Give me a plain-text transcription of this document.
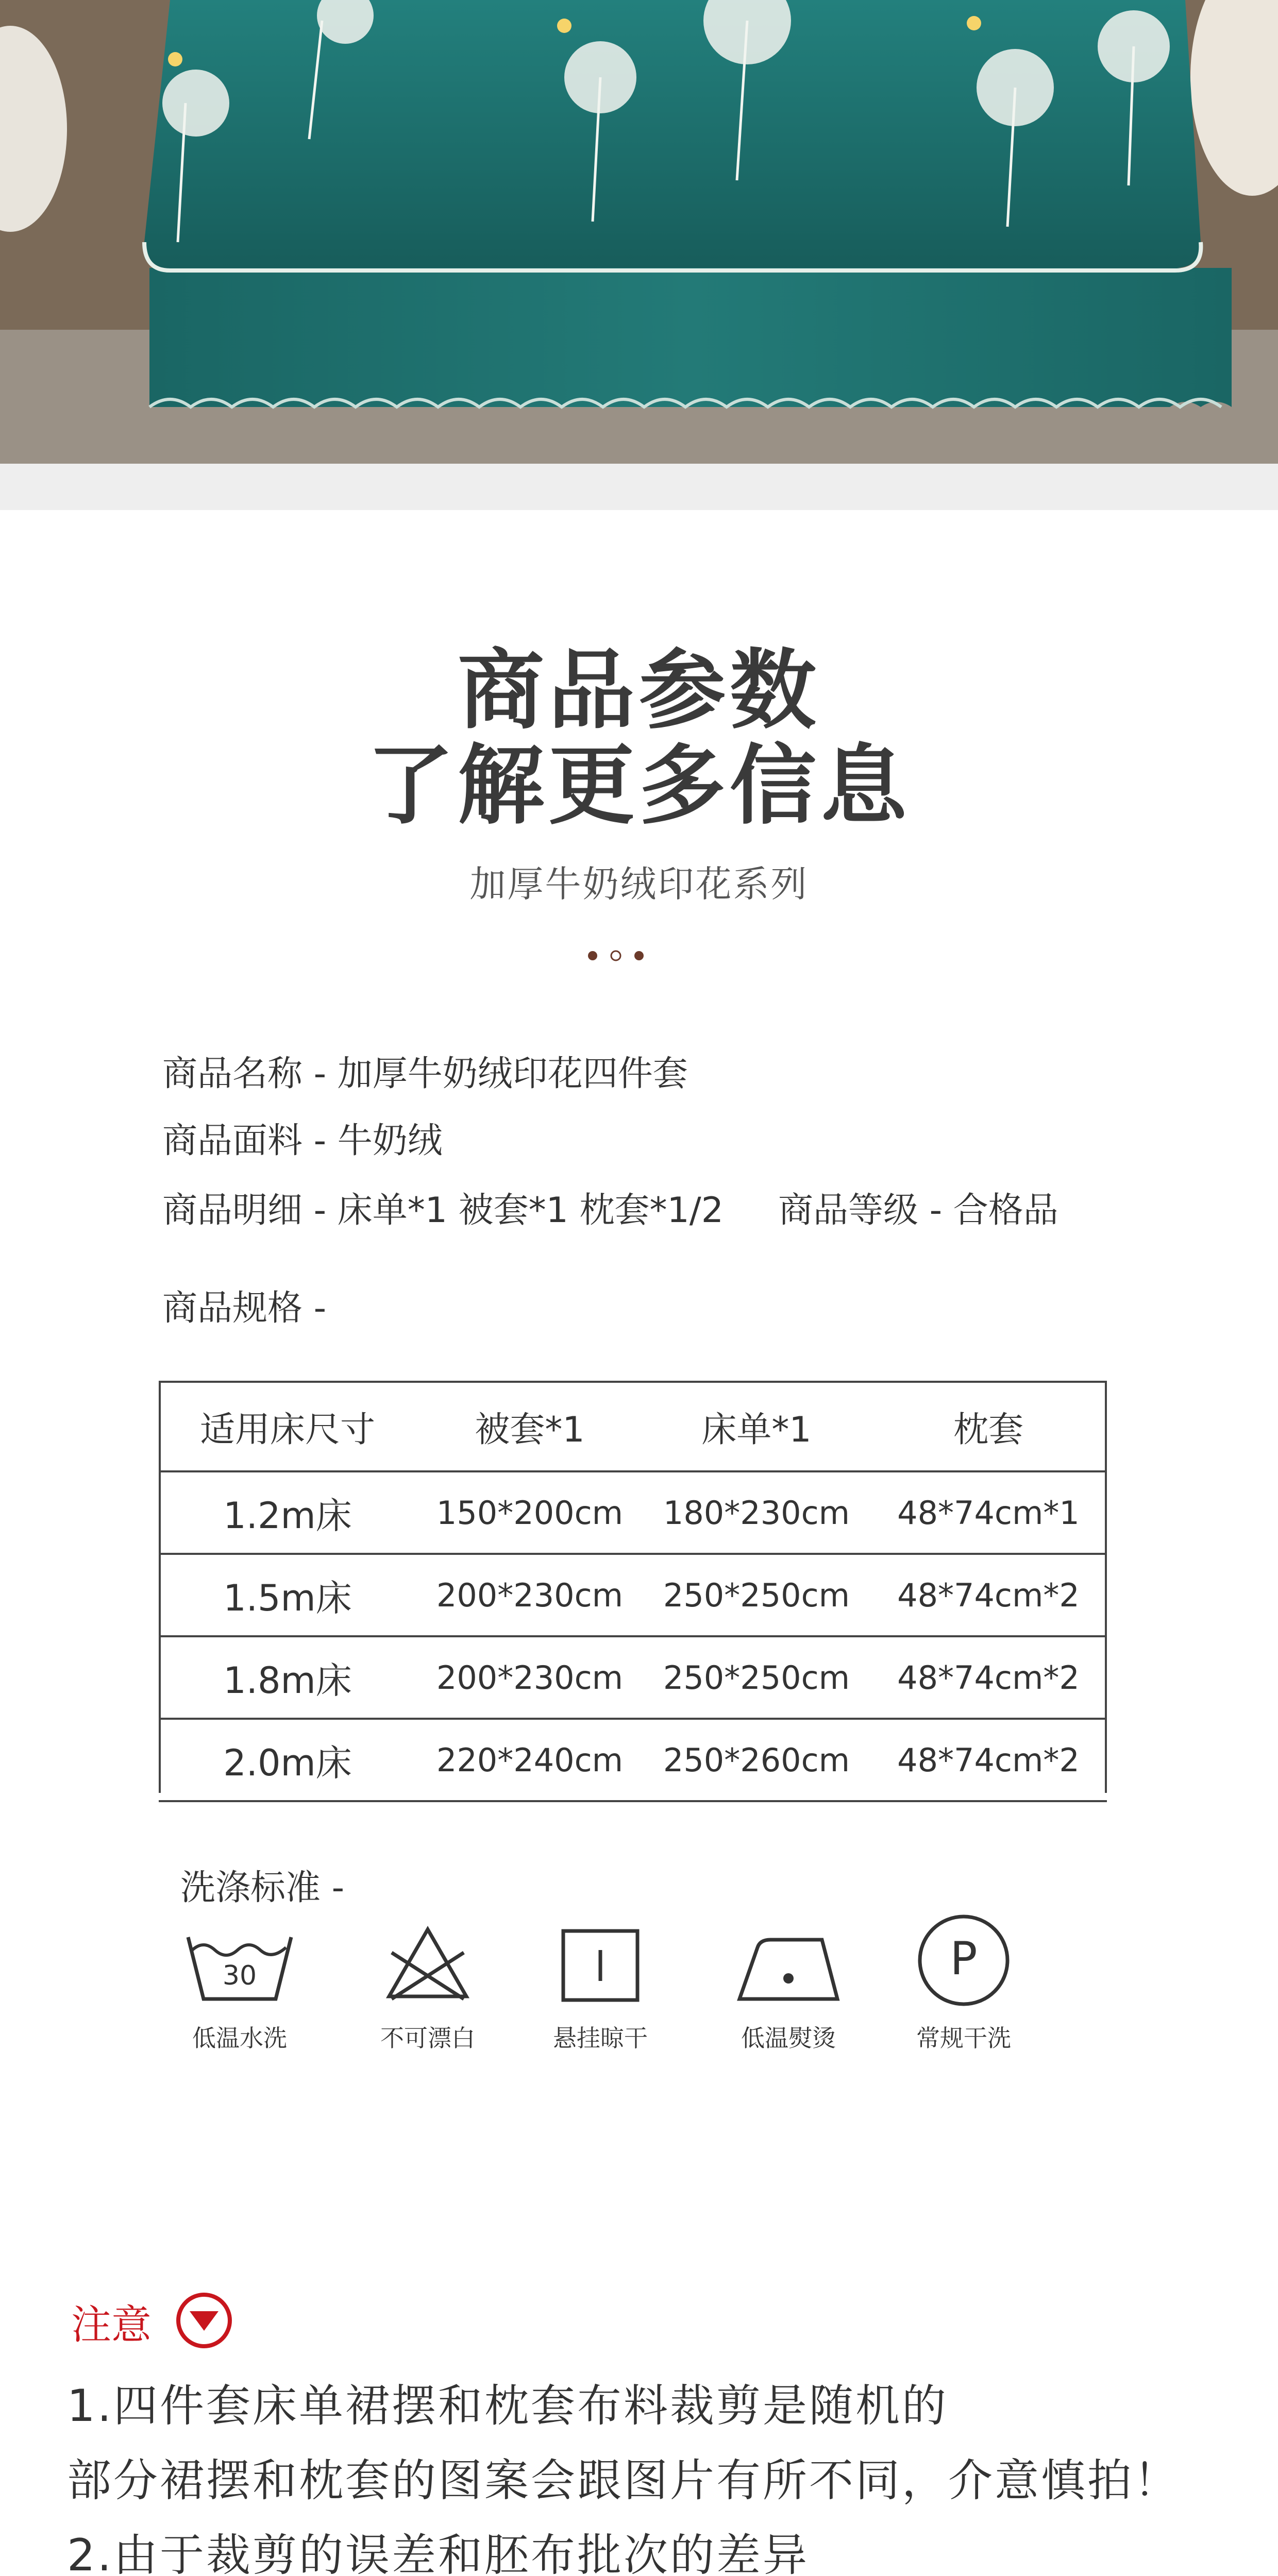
商品参数
了解更多信息
加厚牛奶绒印花系列
商品名称 - 加厚牛奶绒印花四件套
商品面料 - 牛奶绒
商品明细 - 床单*1 被套*1 枕套*1/2 商品等级 - 合格品
商品规格 -
适用床尺寸	被套*1	床单*1	枕套
1.2m床	150*200cm	180*230cm	48*74cm*1
1.5m床	200*230cm	250*250cm	48*74cm*2
1.8m床	200*230cm	250*250cm	48*74cm*2
2.0m床	220*240cm	250*260cm	48*74cm*2
洗涤标准 -
30
低温水洗	不可漂白	悬挂晾干	低温熨烫
P
常规干洗
注意
1.四件套床单裙摆和枕套布料裁剪是随机的
部分裙摆和枕套的图案会跟图片有所不同，介意慎拍！
2.由于裁剪的误差和胚布批次的差异
